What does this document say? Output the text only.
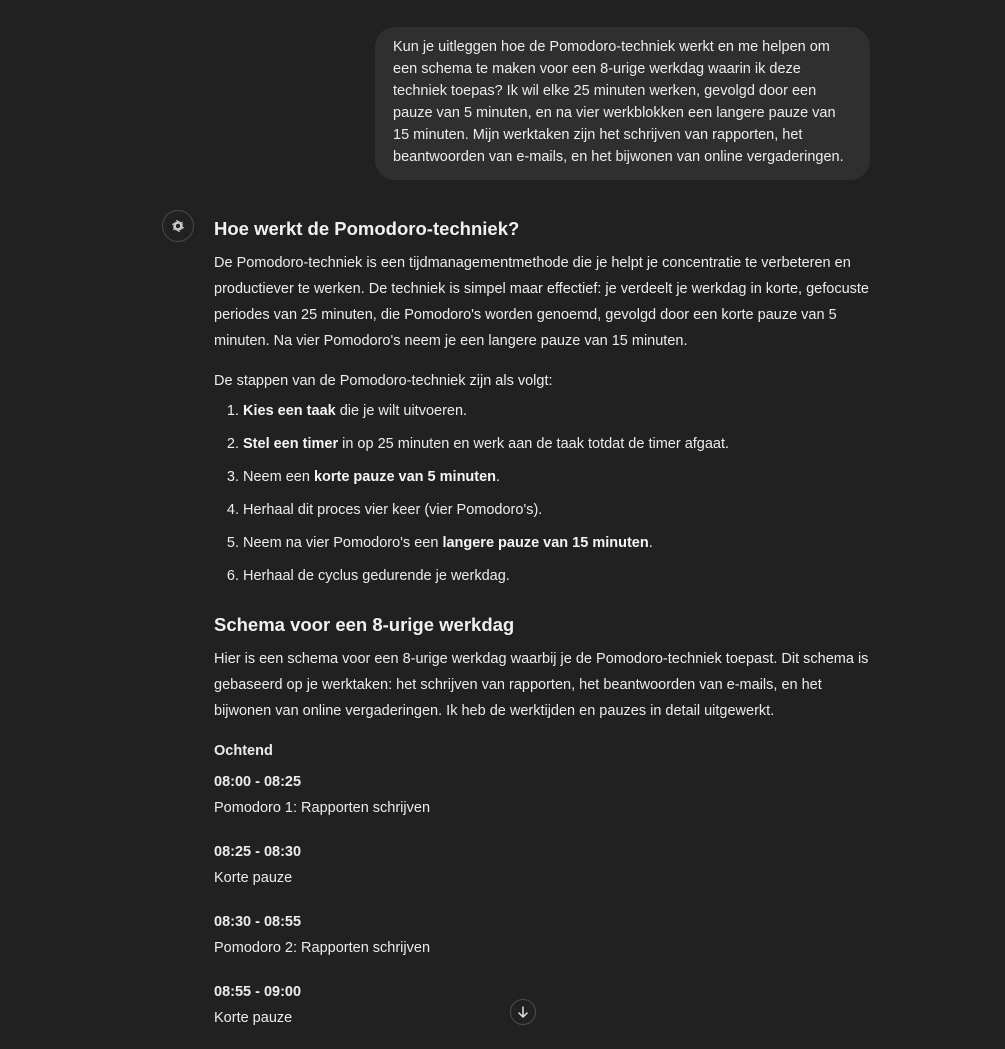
Kun je uitleggen hoe de Pomodoro-techniek werkt en me helpen om een schema te maken voor een 8-urige werkdag waarin ik deze techniek toepas? Ik wil elke 25 minuten werken, gevolgd door een pauze van 5 minuten, en na vier werkblokken een langere pauze van 15 minuten. Mijn werktaken zijn het schrijven van rapporten, het beantwoorden van e-mails, en het bijwonen van online vergaderingen.
Hoe werkt de Pomodoro-techniek?

De Pomodoro-techniek is een tijdmanagementmethode die je helpt je concentratie te verbeteren en productiever te werken. De techniek is simpel maar effectief: je verdeelt je werkdag in korte, gefocuste periodes van 25 minuten, die Pomodoro's worden genoemd, gevolgd door een korte pauze van 5 minuten. Na vier Pomodoro's neem je een langere pauze van 15 minuten.

De stappen van de Pomodoro-techniek zijn als volgt:

1. Kies een taak die je wilt uitvoeren.
2. Stel een timer in op 25 minuten en werk aan de taak totdat de timer afgaat.
3. Neem een korte pauze van 5 minuten.
4. Herhaal dit proces vier keer (vier Pomodoro's).
5. Neem na vier Pomodoro's een langere pauze van 15 minuten.
6. Herhaal de cyclus gedurende je werkdag.
Schema voor een 8-urige werkdag

Hier is een schema voor een 8-urige werkdag waarbij je de Pomodoro-techniek toepast. Dit schema is gebaseerd op je werktaken: het schrijven van rapporten, het beantwoorden van e-mails, en het bijwonen van online vergaderingen. Ik heb de werktijden en pauzes in detail uitgewerkt.

Ochtend
08:00 - 08:25
Pomodoro 1: Rapporten schrijven
08:25 - 08:30
Korte pauze
08:30 - 08:55
Pomodoro 2: Rapporten schrijven
08:55 - 09:00
Korte pauze
